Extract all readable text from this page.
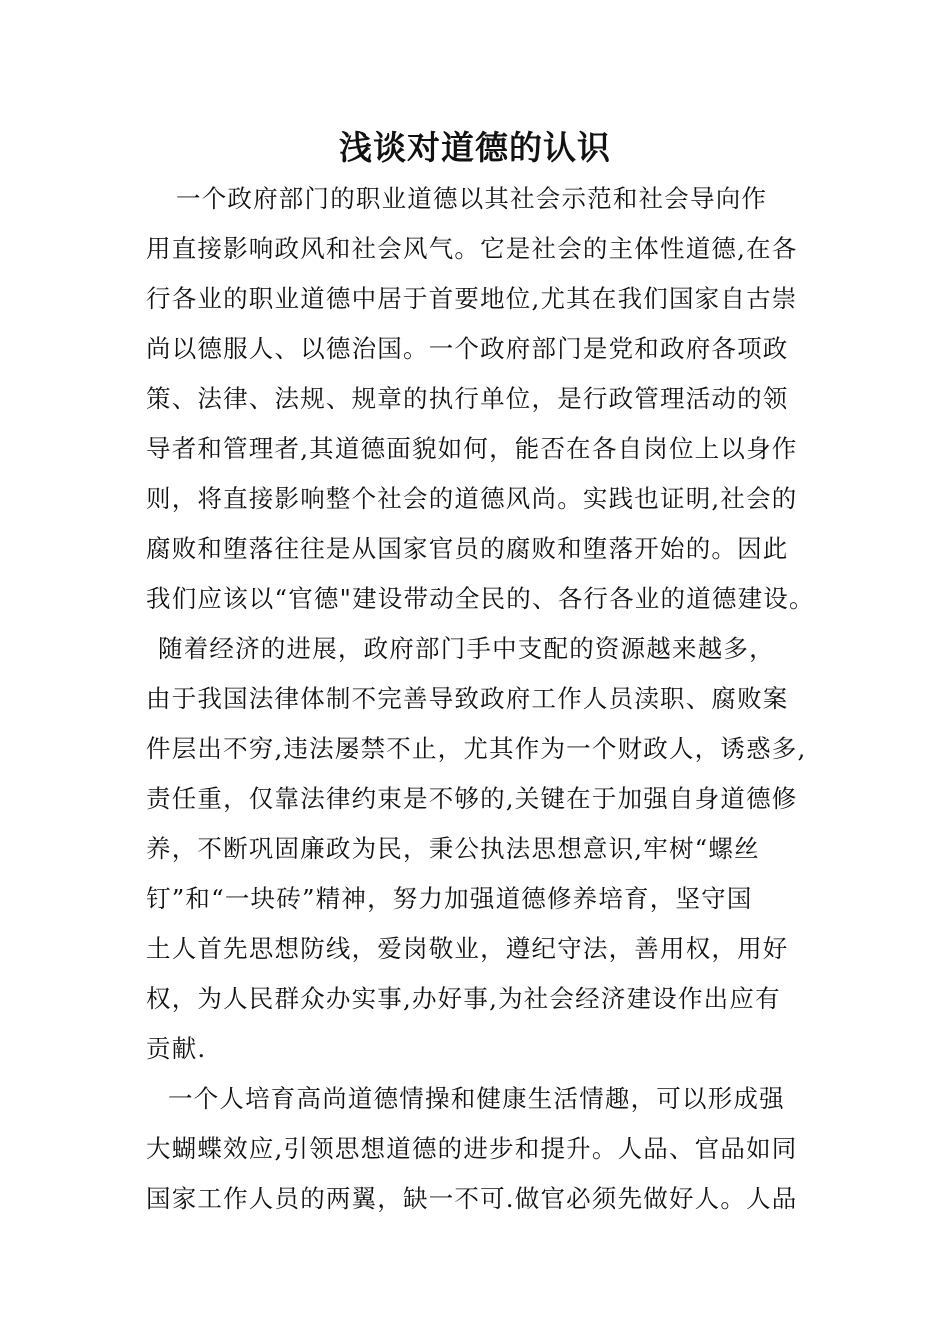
浅谈对道德的认识

一个政府部门的职业道德以其社会示范和社会导向作

用直接影响政风和社会风气。它是社会的主体性道德,在各

行各业的职业道德中居于首要地位,尤其在我们国家自古崇

尚以德服人、以德治国。一个政府部门是党和政府各项政

策、法律、法规、规章的执行单位，是行政管理活动的领

导者和管理者,其道德面貌如何，能否在各自岗位上以身作

则，将直接影响整个社会的道德风尚。实践也证明,社会的

腐败和堕落往往是从国家官员的腐败和堕落开始的。因此

我们应该以“官德"建设带动全民的、各行各业的道德建设。

随着经济的进展，政府部门手中支配的资源越来越多，

由于我国法律体制不完善导致政府工作人员渎职、腐败案

件层出不穷,违法屡禁不止，尤其作为一个财政人，诱惑多,

责任重，仅靠法律约束是不够的,关键在于加强自身道德修

养，不断巩固廉政为民，秉公执法思想意识,牢树“螺丝

钉”和“一块砖”精神，努力加强道德修养培育，坚守国

土人首先思想防线，爱岗敬业，遵纪守法，善用权，用好

权，为人民群众办实事,办好事,为社会经济建设作出应有

贡献.

一个人培育高尚道德情操和健康生活情趣，可以形成强

大蝴蝶效应,引领思想道德的进步和提升。人品、官品如同

国家工作人员的两翼，缺一不可.做官必须先做好人。人品
